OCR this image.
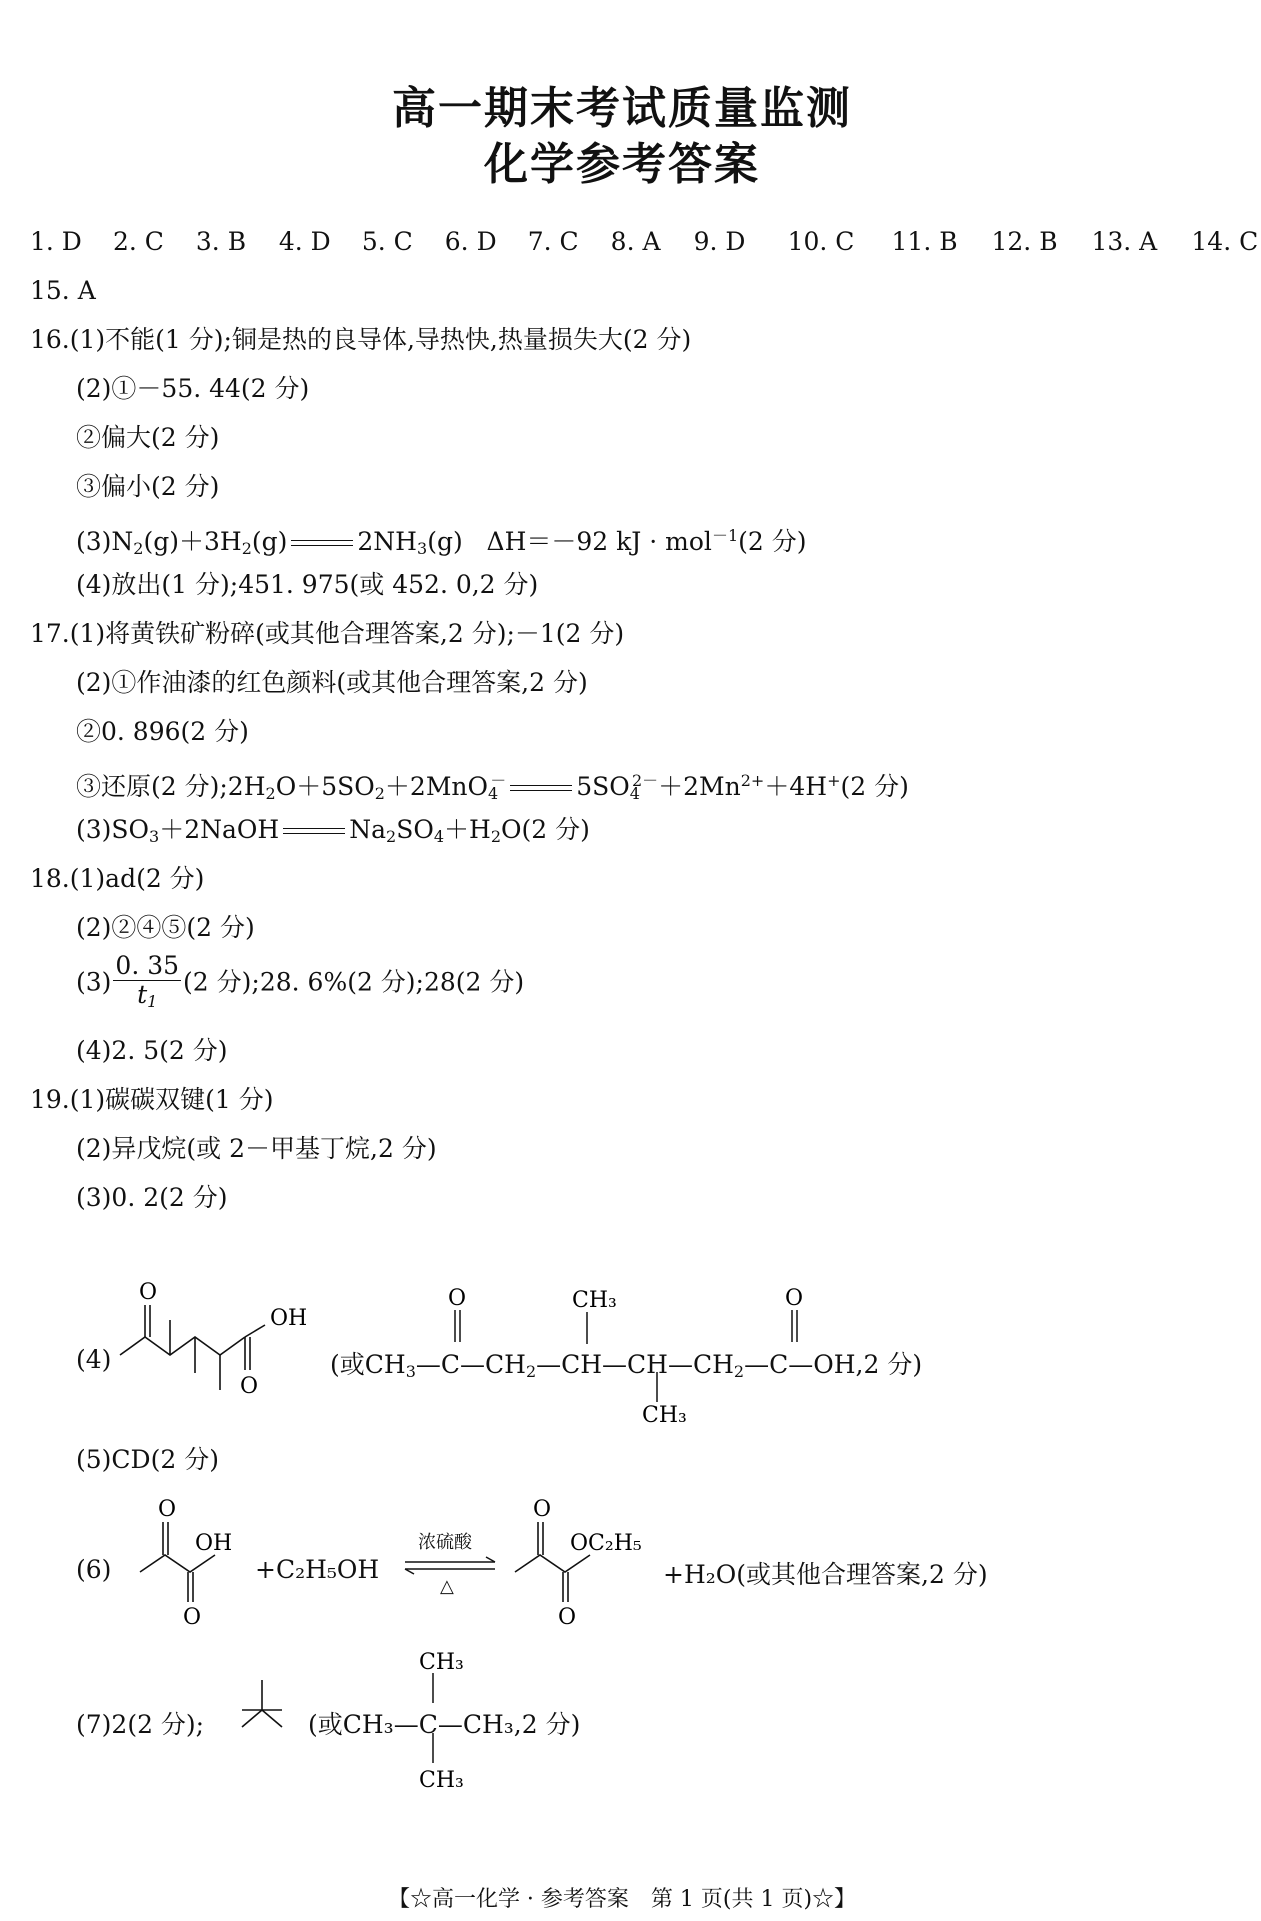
高一期末考试质量监测
化学参考答案
1. D 2. C 3. B 4. D 5. C 6. D 7. C 8. A 9. D 10. C 11. B 12. B 13. A 14. C
15. A
16.(1)不能(1 分);铜是热的良导体,导热快,热量损失大(2 分)
(2)①－55. 44(2 分)
②偏大(2 分)
③偏小(2 分)
$(3)N_2(g)+3H_2(g)$	$2NH_3(g)$   ΔH＝－92 kJ · mol$^{-1}$(2 分)
(4)放出(1 分);451. 975(或 452. 0,2 分)
17.(1)将黄铁矿粉碎(或其他合理答案,2 分);－1(2 分)
(2)①作油漆的红色颜料(或其他合理答案,2 分)
②0. 896(2 分)
③还原(2 分)$;2H_2O+5SO_2+2MnO_4^-$	$5SO_4^{2-}+2Mn^{2+}+4H^+(2$ 分)
$(3)SO_3+2NaOH$	$Na_2SO_4+H_2O(2$ 分)
18.(1)ad(2 分)
(2)②④⑤(2 分)
$(3) \frac{0. 35}{t_1} (2$ 分);28. 6%(2 分);28(2 分)
(4)2. 5(2 分)
19.(1)碳碳双键(1 分)
(2)异戊烷(或 2－甲基丁烷,2 分)
(3)0. 2(2 分)
(4)
O
OH
O
(或$CH_3—C—CH_2—CH—CH—CH_2—C—OH,2$ 分)
O	CH₃
CH₃
O
(5)CD(2 分)
(6)
O
OH
O
+C₂H₅OH
浓硫酸
△
O
OC₂H₅
O
+H₂O(或其他合理答案,2 分)
(7)2(2 分);	(或CH₃—C—CH₃,2 分)
CH₃
CH₃
【☆高一化学 · 参考答案　第 1 页(共 1 页)☆】
